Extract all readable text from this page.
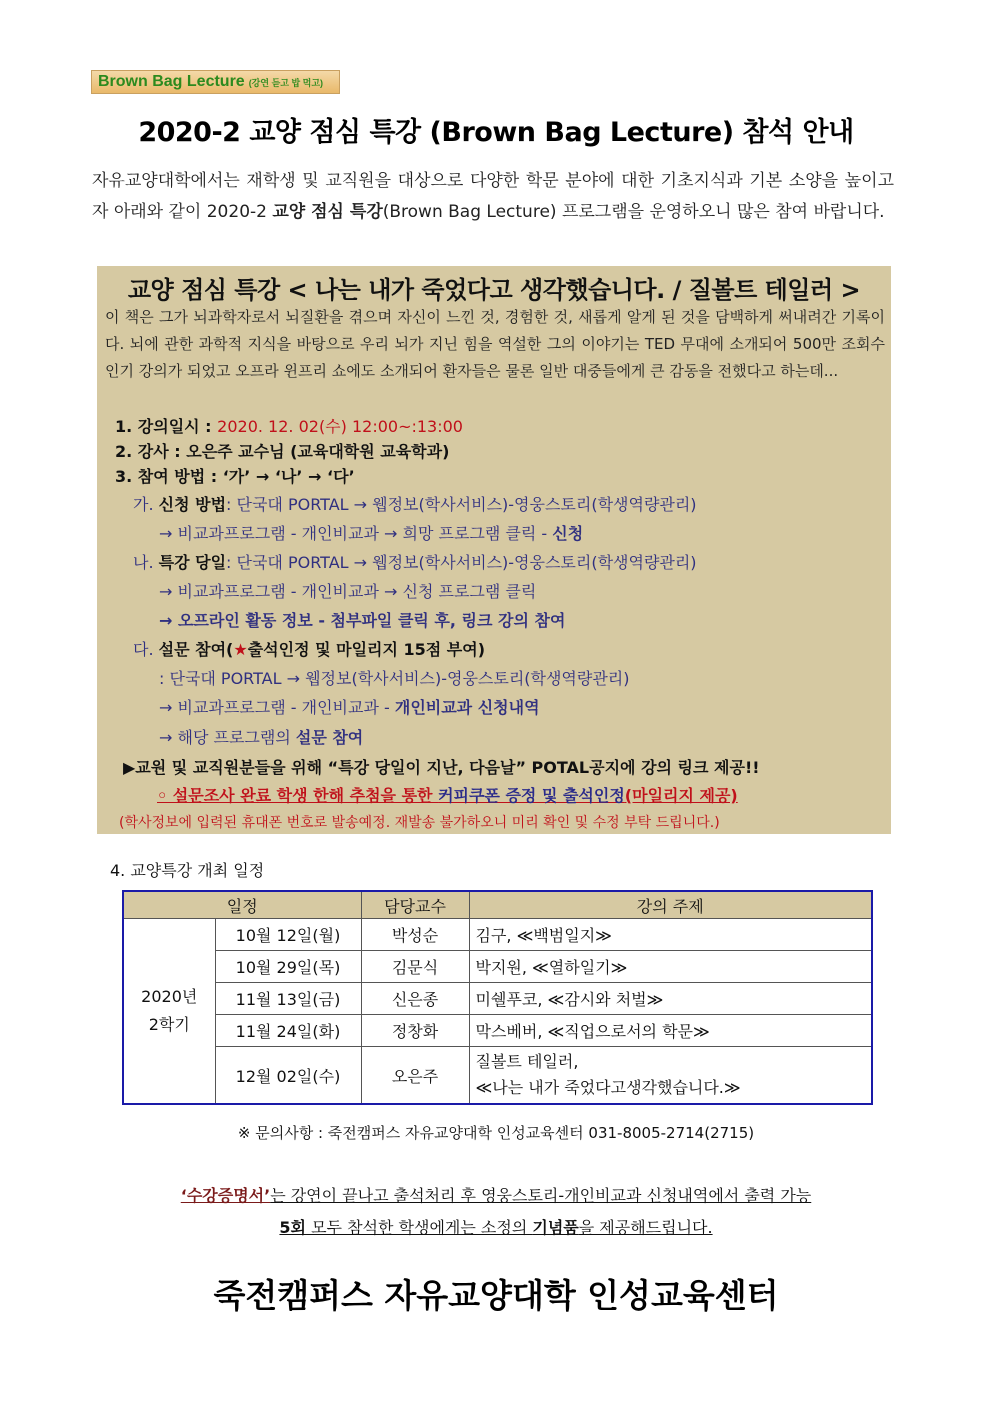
Brown Bag Lecture (강연 듣고 밥 먹고)
2020-2 교양 점심 특강 (Brown Bag Lecture) 참석 안내
자유교양대학에서는 재학생 및 교직원을 대상으로 다양한 학문 분야에 대한 기초지식과 기본 소양을 높이고자 아래와 같이 2020-2 교양 점심 특강(Brown Bag Lecture) 프로그램을 운영하오니 많은 참여 바랍니다.
교양 점심 특강 < 나는 내가 죽었다고 생각했습니다. / 질볼트 테일러 >
이 책은 그가 뇌과학자로서 뇌질환을 겪으며 자신이 느낀 것, 경험한 것, 새롭게 알게 된 것을 담백하게 써내려간 기록이다. 뇌에 관한 과학적 지식을 바탕으로 우리 뇌가 지닌 힘을 역설한 그의 이야기는 TED 무대에 소개되어 500만 조회수 인기 강의가 되었고 오프라 윈프리 쇼에도 소개되어 환자들은 물론 일반 대중들에게 큰 감동을 전했다고 하는데...
1. 강의일시 : 2020. 12. 02(수) 12:00~:13:00
2. 강사 : 오은주 교수님 (교육대학원 교육학과)
3. 참여 방법 : ‘가’ → ‘나’ → ‘다’
가. 신청 방법: 단국대 PORTAL → 웹정보(학사서비스)-영웅스토리(학생역량관리)
→ 비교과프로그램 - 개인비교과 → 희망 프로그램 클릭 - 신청
나. 특강 당일: 단국대 PORTAL → 웹정보(학사서비스)-영웅스토리(학생역량관리)
→ 비교과프로그램 - 개인비교과 → 신청 프로그램 클릭
→ 오프라인 활동 정보 - 첨부파일 클릭 후, 링크 강의 참여
다. 설문 참여(★출석인정 및 마일리지 15점 부여)
: 단국대 PORTAL → 웹정보(학사서비스)-영웅스토리(학생역량관리)
→ 비교과프로그램 - 개인비교과 - 개인비교과 신청내역
→ 해당 프로그램의 설문 참여
▶교원 및 교직원분들을 위해 “특강 당일이 지난, 다음날” POTAL공지에 강의 링크 제공!!
◦ 설문조사 완료 학생 한해 추첨을 통한 커피쿠폰 증정 및 출석인정(마일리지 제공)
(학사정보에 입력된 휴대폰 번호로 발송예정. 재발송 불가하오니 미리 확인 및 수정 부탁 드립니다.)
4. 교양특강 개최 일정
일정		담당교수	강의 주제
2020년
2학기	10월 12일(월)	박성순	김구, ≪백범일지≫
	10월 29일(목)	김문식	박지원, ≪열하일기≫
	11월 13일(금)	신은종	미쉘푸코, ≪감시와 처벌≫
	11월 24일(화)	정창화	막스베버, ≪직업으로서의 학문≫
	12월 02일(수)	오은주	질볼트 테일러,
≪나는 내가 죽었다고생각했습니다.≫
※ 문의사항 : 죽전캠퍼스 자유교양대학 인성교육센터 031-8005-2714(2715)
‘수강증명서’는 강연이 끝나고 출석처리 후 영웅스토리-개인비교과 신청내역에서 출력 가능
5회 모두 참석한 학생에게는 소정의 기념품을 제공해드립니다.
죽전캠퍼스 자유교양대학 인성교육센터
